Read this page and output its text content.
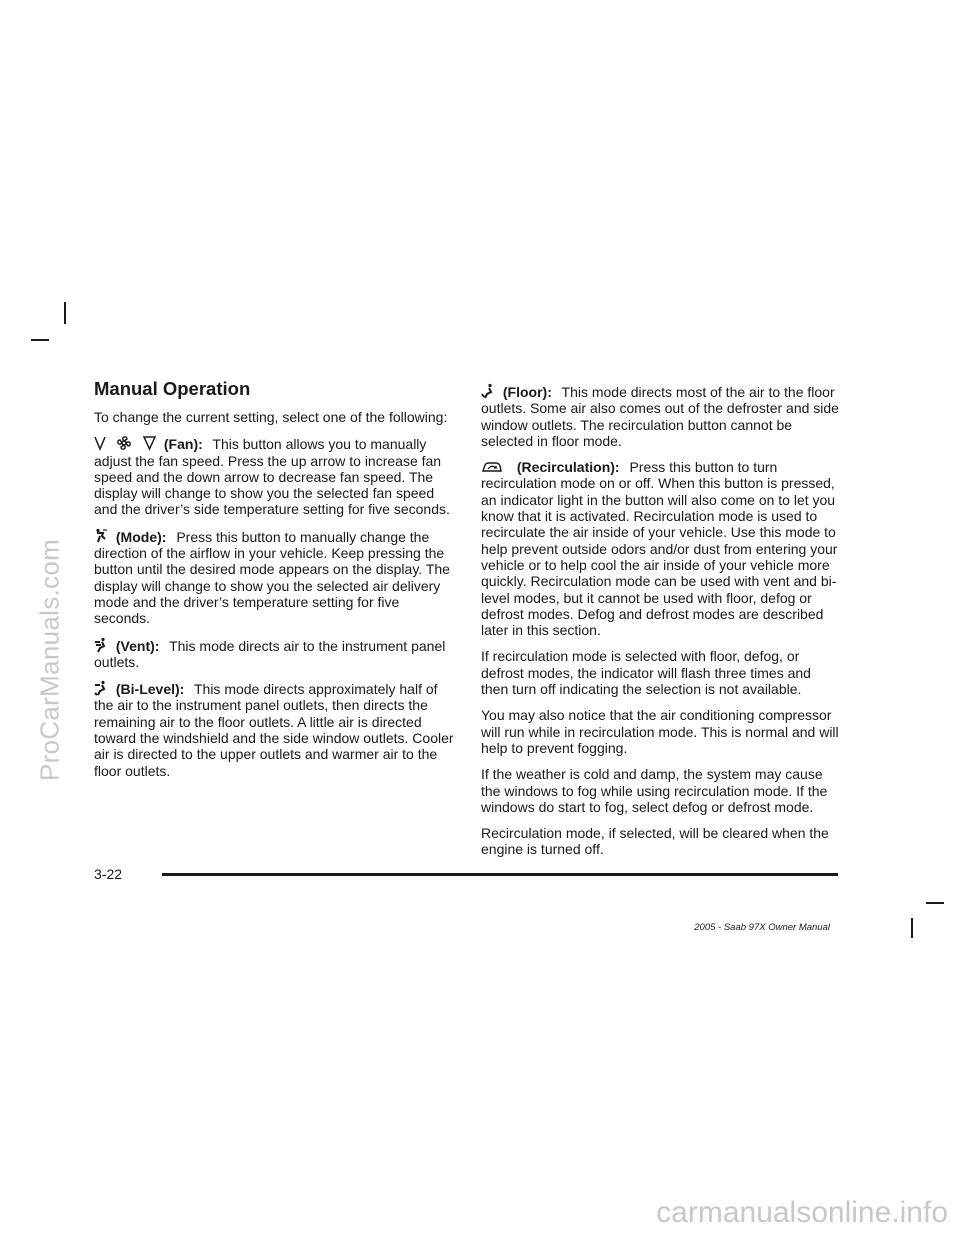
ProCarManuals.com
carmanualsonline.info
Manual Operation

To change the current setting, select one of the following:

(Fan): This button allows you to manually adjust the fan speed. Press the up arrow to increase fan speed and the down arrow to decrease fan speed. The display will change to show you the selected fan speed and the driver’s side temperature setting for five seconds.

(Mode): Press this button to manually change the direction of the airflow in your vehicle. Keep pressing the button until the desired mode appears on the display. The display will change to show you the selected air delivery mode and the driver’s temperature setting for five seconds.

(Vent): This mode directs air to the instrument panel outlets.

(Bi-Level): This mode directs approximately half of the air to the instrument panel outlets, then directs the remaining air to the floor outlets. A little air is directed toward the windshield and the side window outlets. Cooler air is directed to the upper outlets and warmer air to the floor outlets.

(Floor): This mode directs most of the air to the floor outlets. Some air also comes out of the defroster and side window outlets. The recirculation button cannot be selected in floor mode.

(Recirculation): Press this button to turn recirculation mode on or off. When this button is pressed, an indicator light in the button will also come on to let you know that it is activated. Recirculation mode is used to recirculate the air inside of your vehicle. Use this mode to help prevent outside odors and/or dust from entering your vehicle or to help cool the air inside of your vehicle more quickly. Recirculation mode can be used with vent and bi-level modes, but it cannot be used with floor, defog or defrost modes. Defog and defrost modes are described later in this section.

If recirculation mode is selected with floor, defog, or defrost modes, the indicator will flash three times and then turn off indicating the selection is not available.

You may also notice that the air conditioning compressor will run while in recirculation mode. This is normal and will help to prevent fogging.

If the weather is cold and damp, the system may cause the windows to fog while using recirculation mode. If the windows do start to fog, select defog or defrost mode.

Recirculation mode, if selected, will be cleared when the engine is turned off.

3-22
2005 - Saab 97X Owner Manual
